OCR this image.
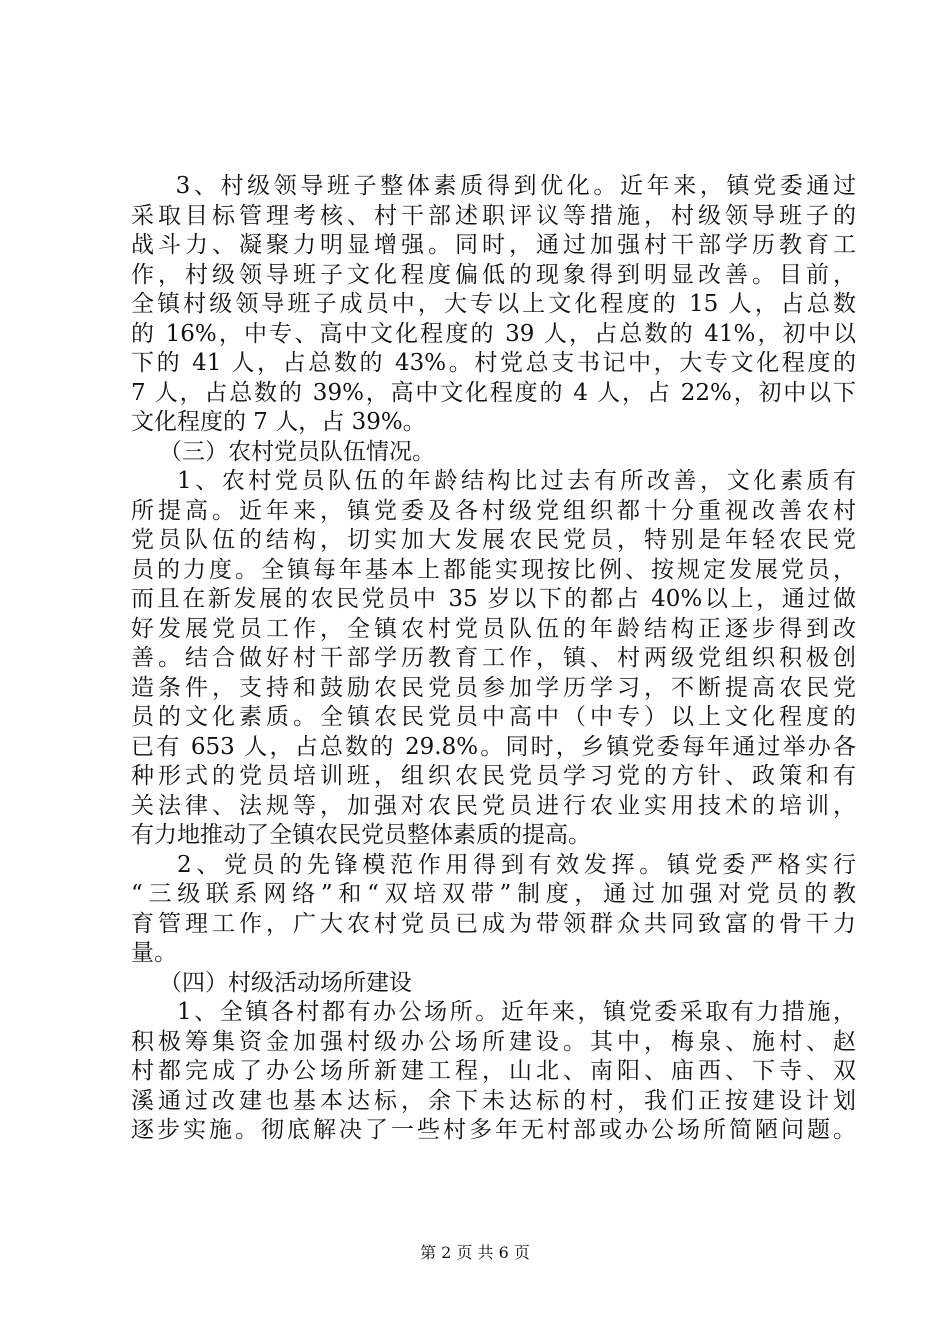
　3、村级领导班子整体素质得到优化。近年来，镇党委通过
采取目标管理考核、村干部述职评议等措施，村级领导班子的
战斗力、凝聚力明显增强。同时，通过加强村干部学历教育工
作，村级领导班子文化程度偏低的现象得到明显改善。目前，
全镇村级领导班子成员中，大专以上文化程度的 15 人，占总数
的 16%，中专、高中文化程度的 39 人，占总数的 41%，初中以
下的 41 人，占总数的 43%。村党总支书记中，大专文化程度的
7 人，占总数的 39%，高中文化程度的 4 人，占 22%，初中以下
文化程度的 7 人，占 39%。
（三）农村党员队伍情况。
1、农村党员队伍的年龄结构比过去有所改善，文化素质有
所提高。近年来，镇党委及各村级党组织都十分重视改善农村
党员队伍的结构，切实加大发展农民党员，特别是年轻农民党
员的力度。全镇每年基本上都能实现按比例、按规定发展党员，
而且在新发展的农民党员中 35 岁以下的都占 40%以上，通过做
好发展党员工作，全镇农村党员队伍的年龄结构正逐步得到改
善。结合做好村干部学历教育工作，镇、村两级党组织积极创
造条件，支持和鼓励农民党员参加学历学习，不断提高农民党
员的文化素质。全镇农民党员中高中（中专）以上文化程度的
已有 653 人，占总数的 29.8%。同时，乡镇党委每年通过举办各
种形式的党员培训班，组织农民党员学习党的方针、政策和有
关法律、法规等，加强对农民党员进行农业实用技术的培训，
有力地推动了全镇农民党员整体素质的提高。
2、党员的先锋模范作用得到有效发挥。镇党委严格实行
“三级联系网络”和“双培双带”制度，通过加强对党员的教
育管理工作，广大农村党员已成为带领群众共同致富的骨干力
量。
（四）村级活动场所建设
1、全镇各村都有办公场所。近年来，镇党委采取有力措施，
积极筹集资金加强村级办公场所建设。其中，梅泉、施村、赵
村都完成了办公场所新建工程，山北、南阳、庙西、下寺、双
溪通过改建也基本达标，余下未达标的村，我们正按建设计划
逐步实施。彻底解决了一些村多年无村部或办公场所简陋问题。
第 2 页 共 6 页
